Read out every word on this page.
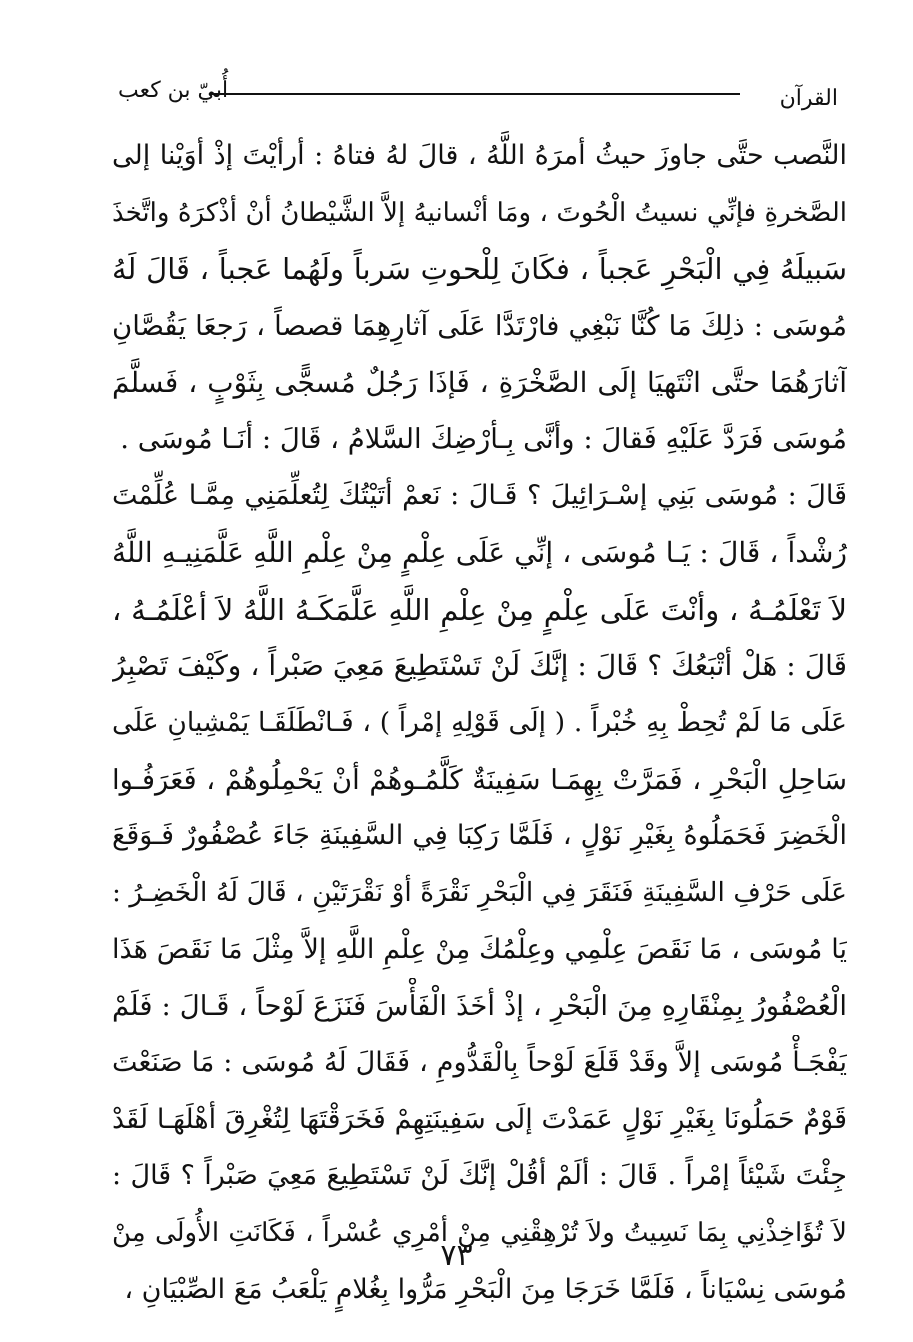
أُبيّ بن كعب	القرآن
النَّصب حتَّى جاوزَ حيثُ أمرَهُ اللَّهُ ، قالَ لهُ فتاهُ : أرأيْتَ إذْ أوَيْنا إلى
الصَّخرةِ فإنِّي نسيتُ الْحُوتَ ، ومَا أنْسانيهُ إلاَّ الشَّيْطانُ أنْ أذْكرَهُ واتَّخذَ
سَبيلَهُ فِي الْبَحْرِ عَجباً ، فكَانَ لِلْحوتِ سَرباً ولَهُما عَجباً ، قَالَ لَهُ
مُوسَى : ذلِكَ مَا كُنَّا نَبْغِي فارْتَدَّا عَلَى آثارِهِمَا قصصاً ، رَجعَا يَقُصَّانِ
آثارَهُمَا حتَّى انْتَهيَا إلَى الصَّخْرَةِ ، فَإذَا رَجُلٌ مُسجًّى بِثَوْبٍ ، فَسلَّمَ
مُوسَى فَرَدَّ عَلَيْهِ فَقالَ : وأنَّى بِـأرْضِكَ السَّلامُ ، قَالَ : أنَـا مُوسَى .
قَالَ : مُوسَى بَنِي إسْـرَائِيلَ ؟ قَـالَ : نَعمْ أتَيْتُكَ لِتُعلِّمَنِي مِمَّـا عُلِّمْتَ
رُشْداً ، قَالَ : يَـا مُوسَى ، إنِّي عَلَى عِلْمٍ مِنْ عِلْمِ اللَّهِ عَلَّمَنِيـهِ اللَّهُ
لاَ تَعْلَمُـهُ ، وأنْتَ عَلَى عِلْمٍ مِنْ عِلْمِ اللَّهِ عَلَّمَكَـهُ اللَّهُ لاَ أعْلَمُـهُ ،
قَالَ : هَلْ أتْبَعُكَ ؟ قَالَ : إنَّكَ لَنْ تَسْتَطِيعَ مَعِيَ صَبْراً ، وكَيْفَ تَصْبِرُ
عَلَى مَا لَمْ تُحِطْ بِهِ خُبْراً . ( إلَى قَوْلِهِ إمْراً ) ، فَـانْطَلَقَـا يَمْشِيانِ عَلَى
سَاحِلِ الْبَحْرِ ، فَمَرَّتْ بِهِمَـا سَفِينَةٌ كَلَّمُـوهُمْ أنْ يَحْمِلُوهُمْ ، فَعَرَفُـوا
الْخَضِرَ فَحَمَلُوهُ بِغَيْرِ نَوْلٍ ، فَلَمَّا رَكِبَا فِي السَّفِينَةِ جَاءَ عُصْفُورٌ فَـوَقَعَ
عَلَى حَرْفِ السَّفِينَةِ فَنَقَرَ فِي الْبَحْرِ نَقْرَةً أوْ نَقْرَتَيْنِ ، قَالَ لَهُ الْخَضِـرُ :
يَا مُوسَى ، مَا نَقَصَ عِلْمِي وعِلْمُكَ مِنْ عِلْمِ اللَّهِ إلاَّ مِثْلَ مَا نَقَصَ هَذَا
الْعُصْفُورُ بِمِنْقَارِهِ مِنَ الْبَحْرِ ، إذْ أخَذَ الْفَأْسَ فَنَزَعَ لَوْحاً ، قَـالَ : فَلَمْ
يَفْجَـأْ مُوسَى إلاَّ وقَدْ قَلَعَ لَوْحاً بِالْقَدُّومِ ، فَقَالَ لَهُ مُوسَى : مَا صَنَعْتَ
قَوْمٌ حَمَلُونَا بِغَيْرِ نَوْلٍ عَمَدْتَ إلَى سَفِينَتِهِمْ فَخَرَقْتَهَا لِتُغْرِقَ أهْلَهَـا لَقَدْ
جِئْتَ شَيْئاً إمْراً . قَالَ : ألَمْ أقُلْ إنَّكَ لَنْ تَسْتَطِيعَ مَعِيَ صَبْراً ؟ قَالَ :
لاَ تُؤَاخِذْنِي بِمَا نَسِيتُ ولاَ تُرْهِقْنِي مِنْ أمْرِي عُسْراً ، فَكَانَتِ الأُولَى مِنْ
مُوسَى نِسْيَاناً ، فَلَمَّا خَرَجَا مِنَ الْبَحْرِ مَرُّوا بِغُلامٍ يَلْعَبُ مَعَ الصِّبْيَانِ ،
٧٣
